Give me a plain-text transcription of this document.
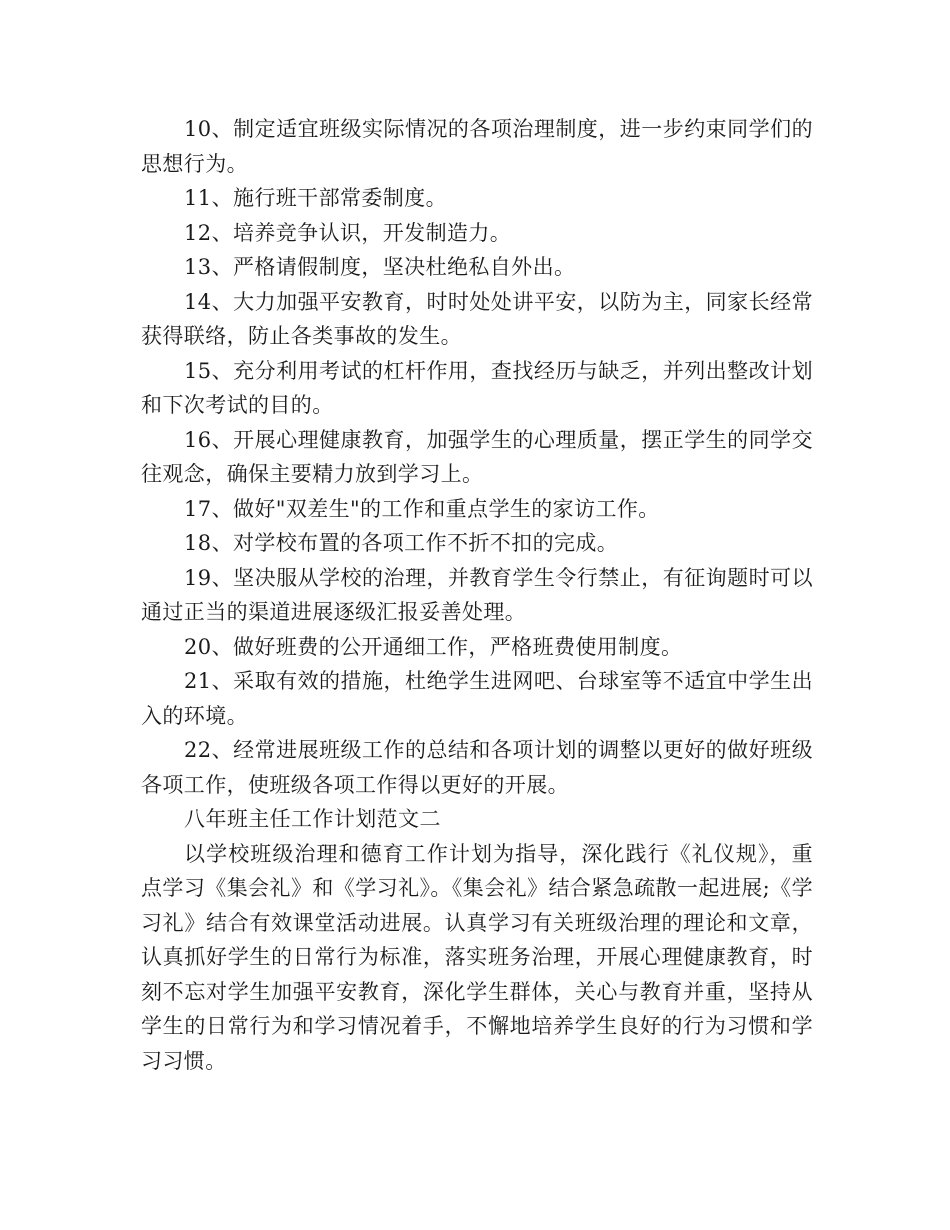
10、制定适宜班级实际情况的各项治理制度，进一步约束同学们的思想行为。

11、施行班干部常委制度。

12、培养竞争认识，开发制造力。

13、严格请假制度，坚决杜绝私自外出。

14、大力加强平安教育，时时处处讲平安，以防为主，同家长经常获得联络，防止各类事故的发生。

15、充分利用考试的杠杆作用，查找经历与缺乏，并列出整改计划和下次考试的目的。

16、开展心理健康教育，加强学生的心理质量，摆正学生的同学交往观念，确保主要精力放到学习上。

17、做好"双差生"的工作和重点学生的家访工作。

18、对学校布置的各项工作不折不扣的完成。

19、坚决服从学校的治理，并教育学生令行禁止，有征询题时可以通过正当的渠道进展逐级汇报妥善处理。

20、做好班费的公开通细工作，严格班费使用制度。

21、采取有效的措施，杜绝学生进网吧、台球室等不适宜中学生出入的环境。

22、经常进展班级工作的总结和各项计划的调整以更好的做好班级各项工作，使班级各项工作得以更好的开展。

八年班主任工作计划范文二

以学校班级治理和德育工作计划为指导，深化践行《礼仪规》，重点学习《集会礼》和《学习礼》。《集会礼》结合紧急疏散一起进展;《学习礼》结合有效课堂活动进展。认真学习有关班级治理的理论和文章，认真抓好学生的日常行为标准，落实班务治理，开展心理健康教育，时刻不忘对学生加强平安教育，深化学生群体，关心与教育并重，坚持从学生的日常行为和学习情况着手，不懈地培养学生良好的行为习惯和学习习惯。
